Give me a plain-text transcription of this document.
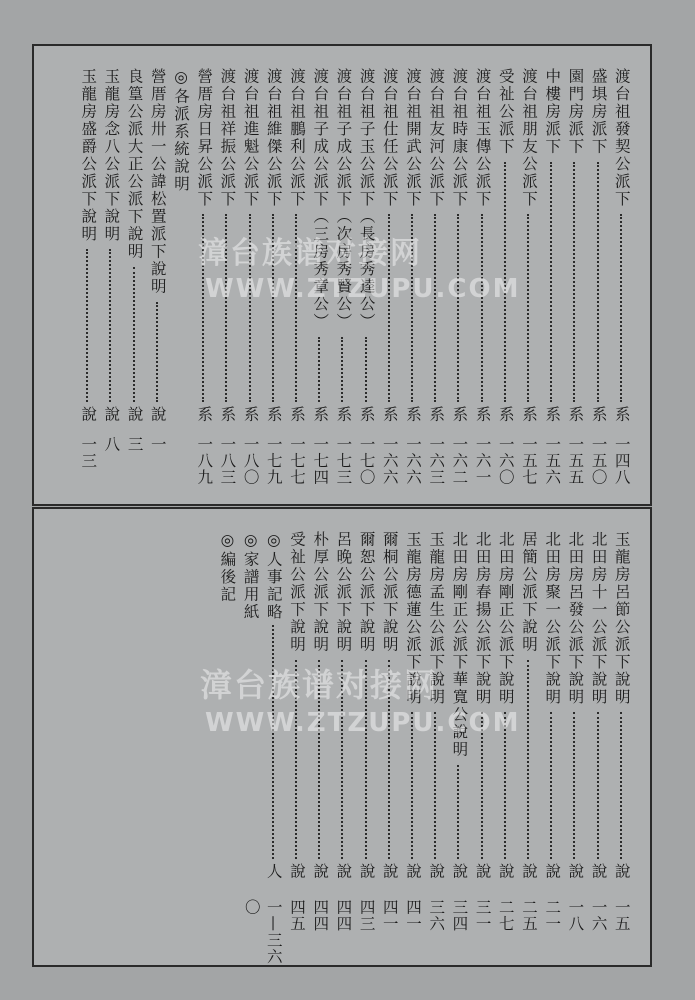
渡台祖發契公派下
系
一四八
盛埧房派下
系
一五〇
園門房派下
系
一五五
中樓房派下
系
一五六
渡台祖朋友公派下
系
一五七
受祉公派下
系
一六〇
渡台祖玉傳公派下
系
一六一
渡台祖時康公派下
系
一六二
渡台祖友河公派下
系
一六三
渡台祖開武公派下
系
一六六
渡台祖仕任公派下
系
一六六
渡台祖子玉公派下（長房秀逵公）
系
一七〇
渡台祖子成公派下（次房秀賢公）
系
一七三
渡台祖子成公派下（三房秀章公）
系
一七四
渡台祖鵬利公派下
系
一七七
渡台祖維傑公派下
系
一七九
渡台祖進魁公派下
系
一八〇
渡台祖祥振公派下
系
一八三
營厝房日昇公派下
系
一八九
◎各派系統說明
營厝房卅一公諱松置派下說明
說
一
良篁公派大正公派下說明
說
三
玉龍房念八公派下說明
說
八
玉龍房盛爵公派下說明
說
一三
玉龍房呂節公派下說明
說
一五
北田房十一公派下說明
說
一六
北田房呂發公派下說明
說
一八
北田房聚一公派下說明
說
二一
居簡公派下說明
說
二五
北田房剛正公派下說明
說
二七
北田房春揚公派下說明
說
三一
北田房剛正公派下華寬公說明
說
三四
玉龍房孟生公派下說明
說
三六
玉龍房德蓮公派下說明
說
四一
爾桐公派下說明
說
四一
爾恕公派下說明
說
四三
呂晚公派下說明
說
四四
朴厚公派下說明
說
四四
受祉公派下說明
說
四五
◎人事記略
人
一—三六〇
◎家譜用紙
◎編後記
漳台族谱对接网
WWW.ZTZUPU.COM
漳台族谱对接网
WWW.ZTZUPU.COM
